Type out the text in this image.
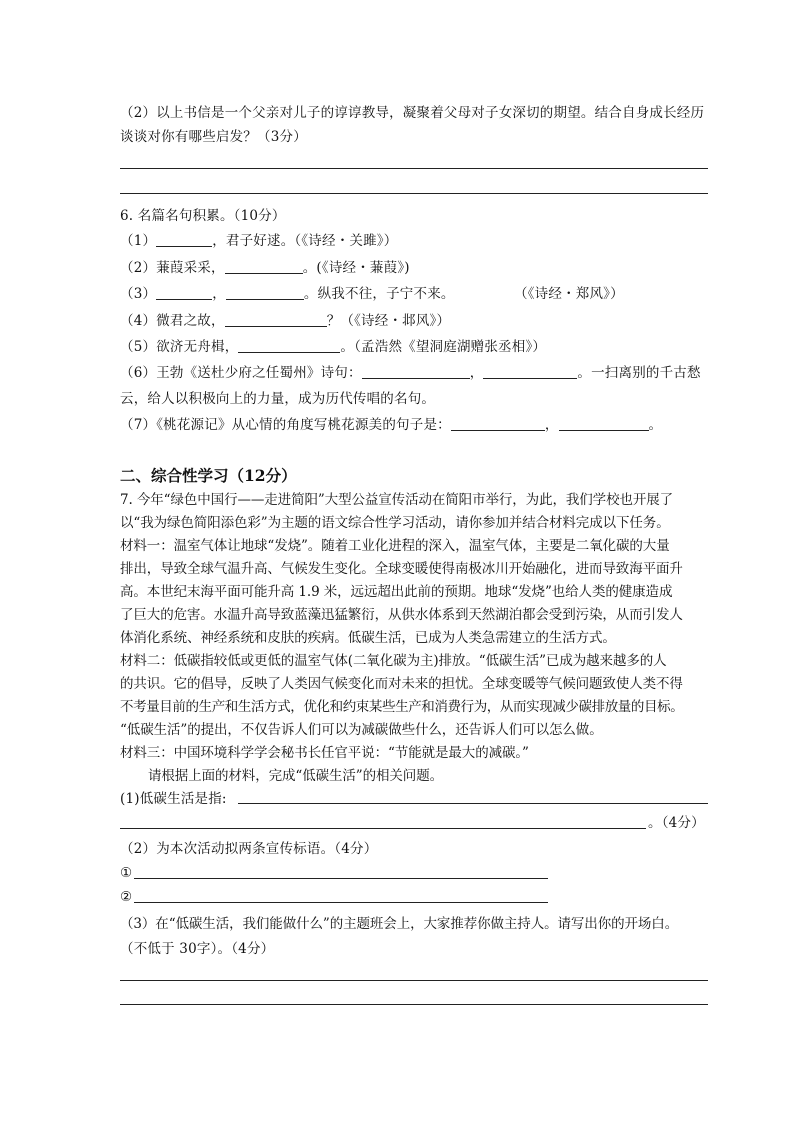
（2）以上书信是一个父亲对儿子的谆谆教导，凝聚着父母对子女深切的期望。结合自身成长经历
谈谈对你有哪些启发？（3分）
6. 名篇名句积累。（10分）
（1）	，君子好逑。（《诗经・关雎》）
（2）蒹葭采采，	。(《诗经・蒹葭》)
（3）	，	。纵我不往，子宁不来。	（《诗经・郑风》）
（4）微君之故，	？（《诗经・邶风》）
（5）欲济无舟楫，	。（孟浩然《望洞庭湖赠张丞相》）
（6）王勃《送杜少府之任蜀州》诗句：	，	。一扫离别的千古愁
云，给人以积极向上的力量，成为历代传唱的名句。
（7）《桃花源记》从心情的角度写桃花源美的句子是：	，	。
二、综合性学习（12分）
7. 今年“绿色中国行——走进简阳”大型公益宣传活动在简阳市举行，为此，我们学校也开展了
以“我为绿色简阳添色彩”为主题的语文综合性学习活动，请你参加并结合材料完成以下任务。
材料一：温室气体让地球“发烧”。随着工业化进程的深入，温室气体，主要是二氧化碳的大量
排出，导致全球气温升高、气候发生变化。全球变暖使得南极冰川开始融化，进而导致海平面升
高。本世纪末海平面可能升高 1.9 米，远远超出此前的预期。地球“发烧”也给人类的健康造成
了巨大的危害。水温升高导致蓝藻迅猛繁衍，从供水体系到天然湖泊都会受到污染，从而引发人
体消化系统、神经系统和皮肤的疾病。低碳生活，已成为人类急需建立的生活方式。
材料二：低碳指较低或更低的温室气体(二氧化碳为主)排放。“低碳生活”已成为越来越多的人
的共识。它的倡导，反映了人类因气候变化而对未来的担忧。全球变暖等气候问题致使人类不得
不考量目前的生产和生活方式，优化和约束某些生产和消费行为，从而实现减少碳排放量的目标。
“低碳生活”的提出，不仅告诉人们可以为减碳做些什么，还告诉人们可以怎么做。
材料三：中国环境科学学会秘书长任官平说：“节能就是最大的减碳。”
请根据上面的材料，完成“低碳生活”的相关问题。
(1)低碳生活是指:
。（4分）
（2）为本次活动拟两条宣传标语。（4分）
①
②
（3）在“低碳生活，我们能做什么”的主题班会上，大家推荐你做主持人。请写出你的开场白。
（不低于 30字）。（4分）
